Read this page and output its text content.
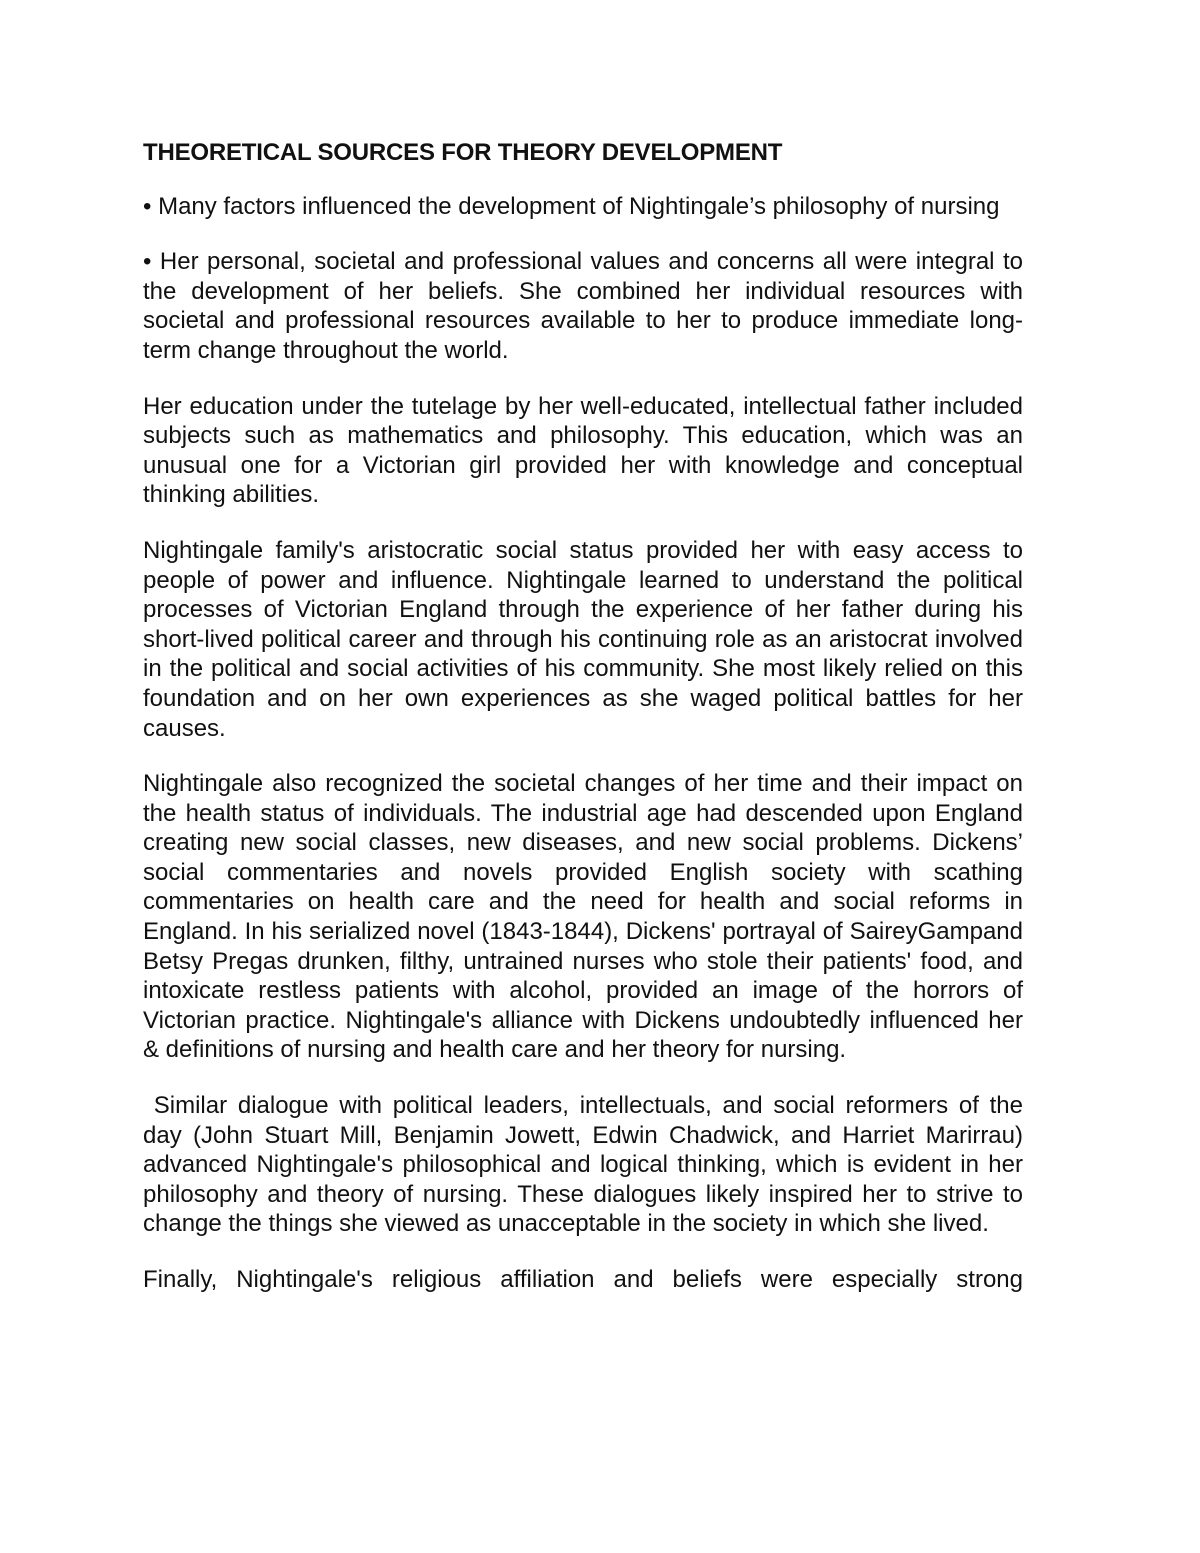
THEORETICAL SOURCES FOR THEORY DEVELOPMENT
• Many factors influenced the development of Nightingale’s philosophy of nursing
• Her personal, societal and professional values and concerns all were integral to the development of her beliefs. She combined her individual resources with societal and professional resources available to her to produce immediate long-term change throughout the world.
Her education under the tutelage by her well-educated, intellectual father included subjects such as mathematics and philosophy. This education, which was an unusual one for a Victorian girl provided her with knowledge and conceptual thinking abilities.
Nightingale family's aristocratic social status provided her with easy access to people of power and influence. Nightingale learned to understand the political processes of Victorian England through the experience of her father during his short-lived political career and through his continuing role as an aristocrat involved in the political and social activities of his community. She most likely relied on this foundation and on her own experiences as she waged political battles for her causes.
Nightingale also recognized the societal changes of her time and their impact on the health status of individuals. The industrial age had descended upon England creating new social classes, new diseases, and new social problems. Dickens’ social commentaries and novels provided English society with scathing commentaries on health care and the need for health and social reforms in England. In his serialized novel (1843-1844), Dickens' portrayal of SaireyGampand Betsy Pregas drunken, filthy, untrained nurses who stole their patients' food, and intoxicate restless patients with alcohol, provided an image of the horrors of Victorian practice. Nightingale's alliance with Dickens undoubtedly influenced her & definitions of nursing and health care and her theory for nursing.
Similar dialogue with political leaders, intellectuals, and social reformers of the day (John Stuart Mill, Benjamin Jowett, Edwin Chadwick, and Harriet Marirrau) advanced Nightingale's philosophical and logical thinking, which is evident in her philosophy and theory of nursing. These dialogues likely inspired her to strive to change the things she viewed as unacceptable in the society in which she lived.
Finally, Nightingale's religious affiliation and beliefs were especially strong
